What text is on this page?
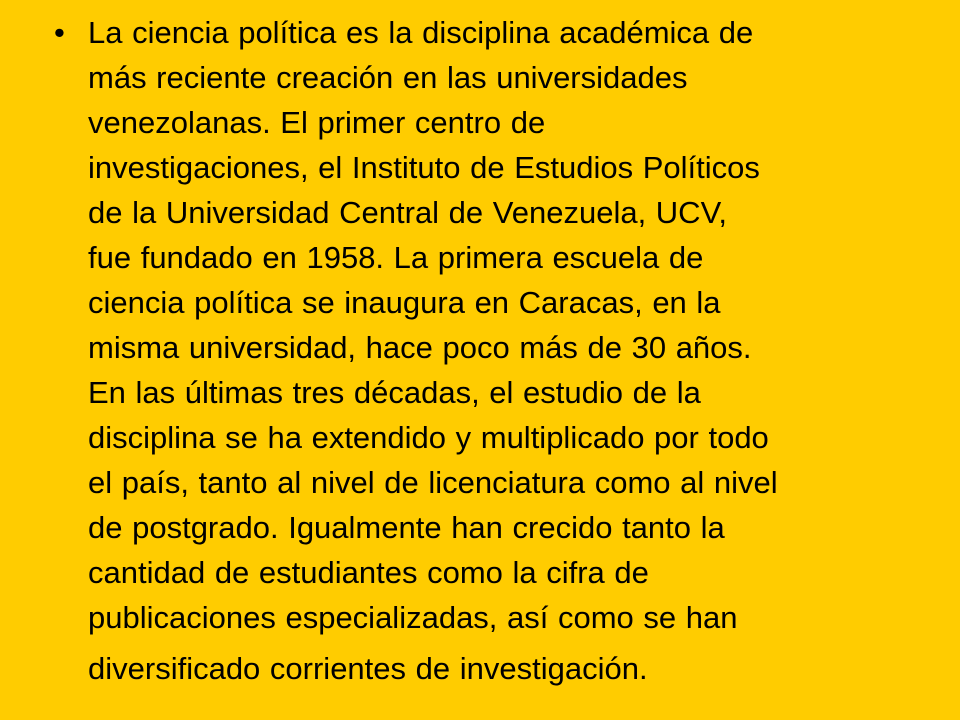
• La ciencia política es la disciplina académica de
más reciente creación en las universidades
venezolanas. El primer centro de
investigaciones, el Instituto de Estudios Políticos
de la Universidad Central de Venezuela, UCV,
fue fundado en 1958. La primera escuela de
ciencia política se inaugura en Caracas, en la
misma universidad, hace poco más de 30 años.
En las últimas tres décadas, el estudio de la
disciplina se ha extendido y multiplicado por todo
el país, tanto al nivel de licenciatura como al nivel
de postgrado. Igualmente han crecido tanto la
cantidad de estudiantes como la cifra de
publicaciones especializadas, así como se han
diversificado corrientes de investigación.
